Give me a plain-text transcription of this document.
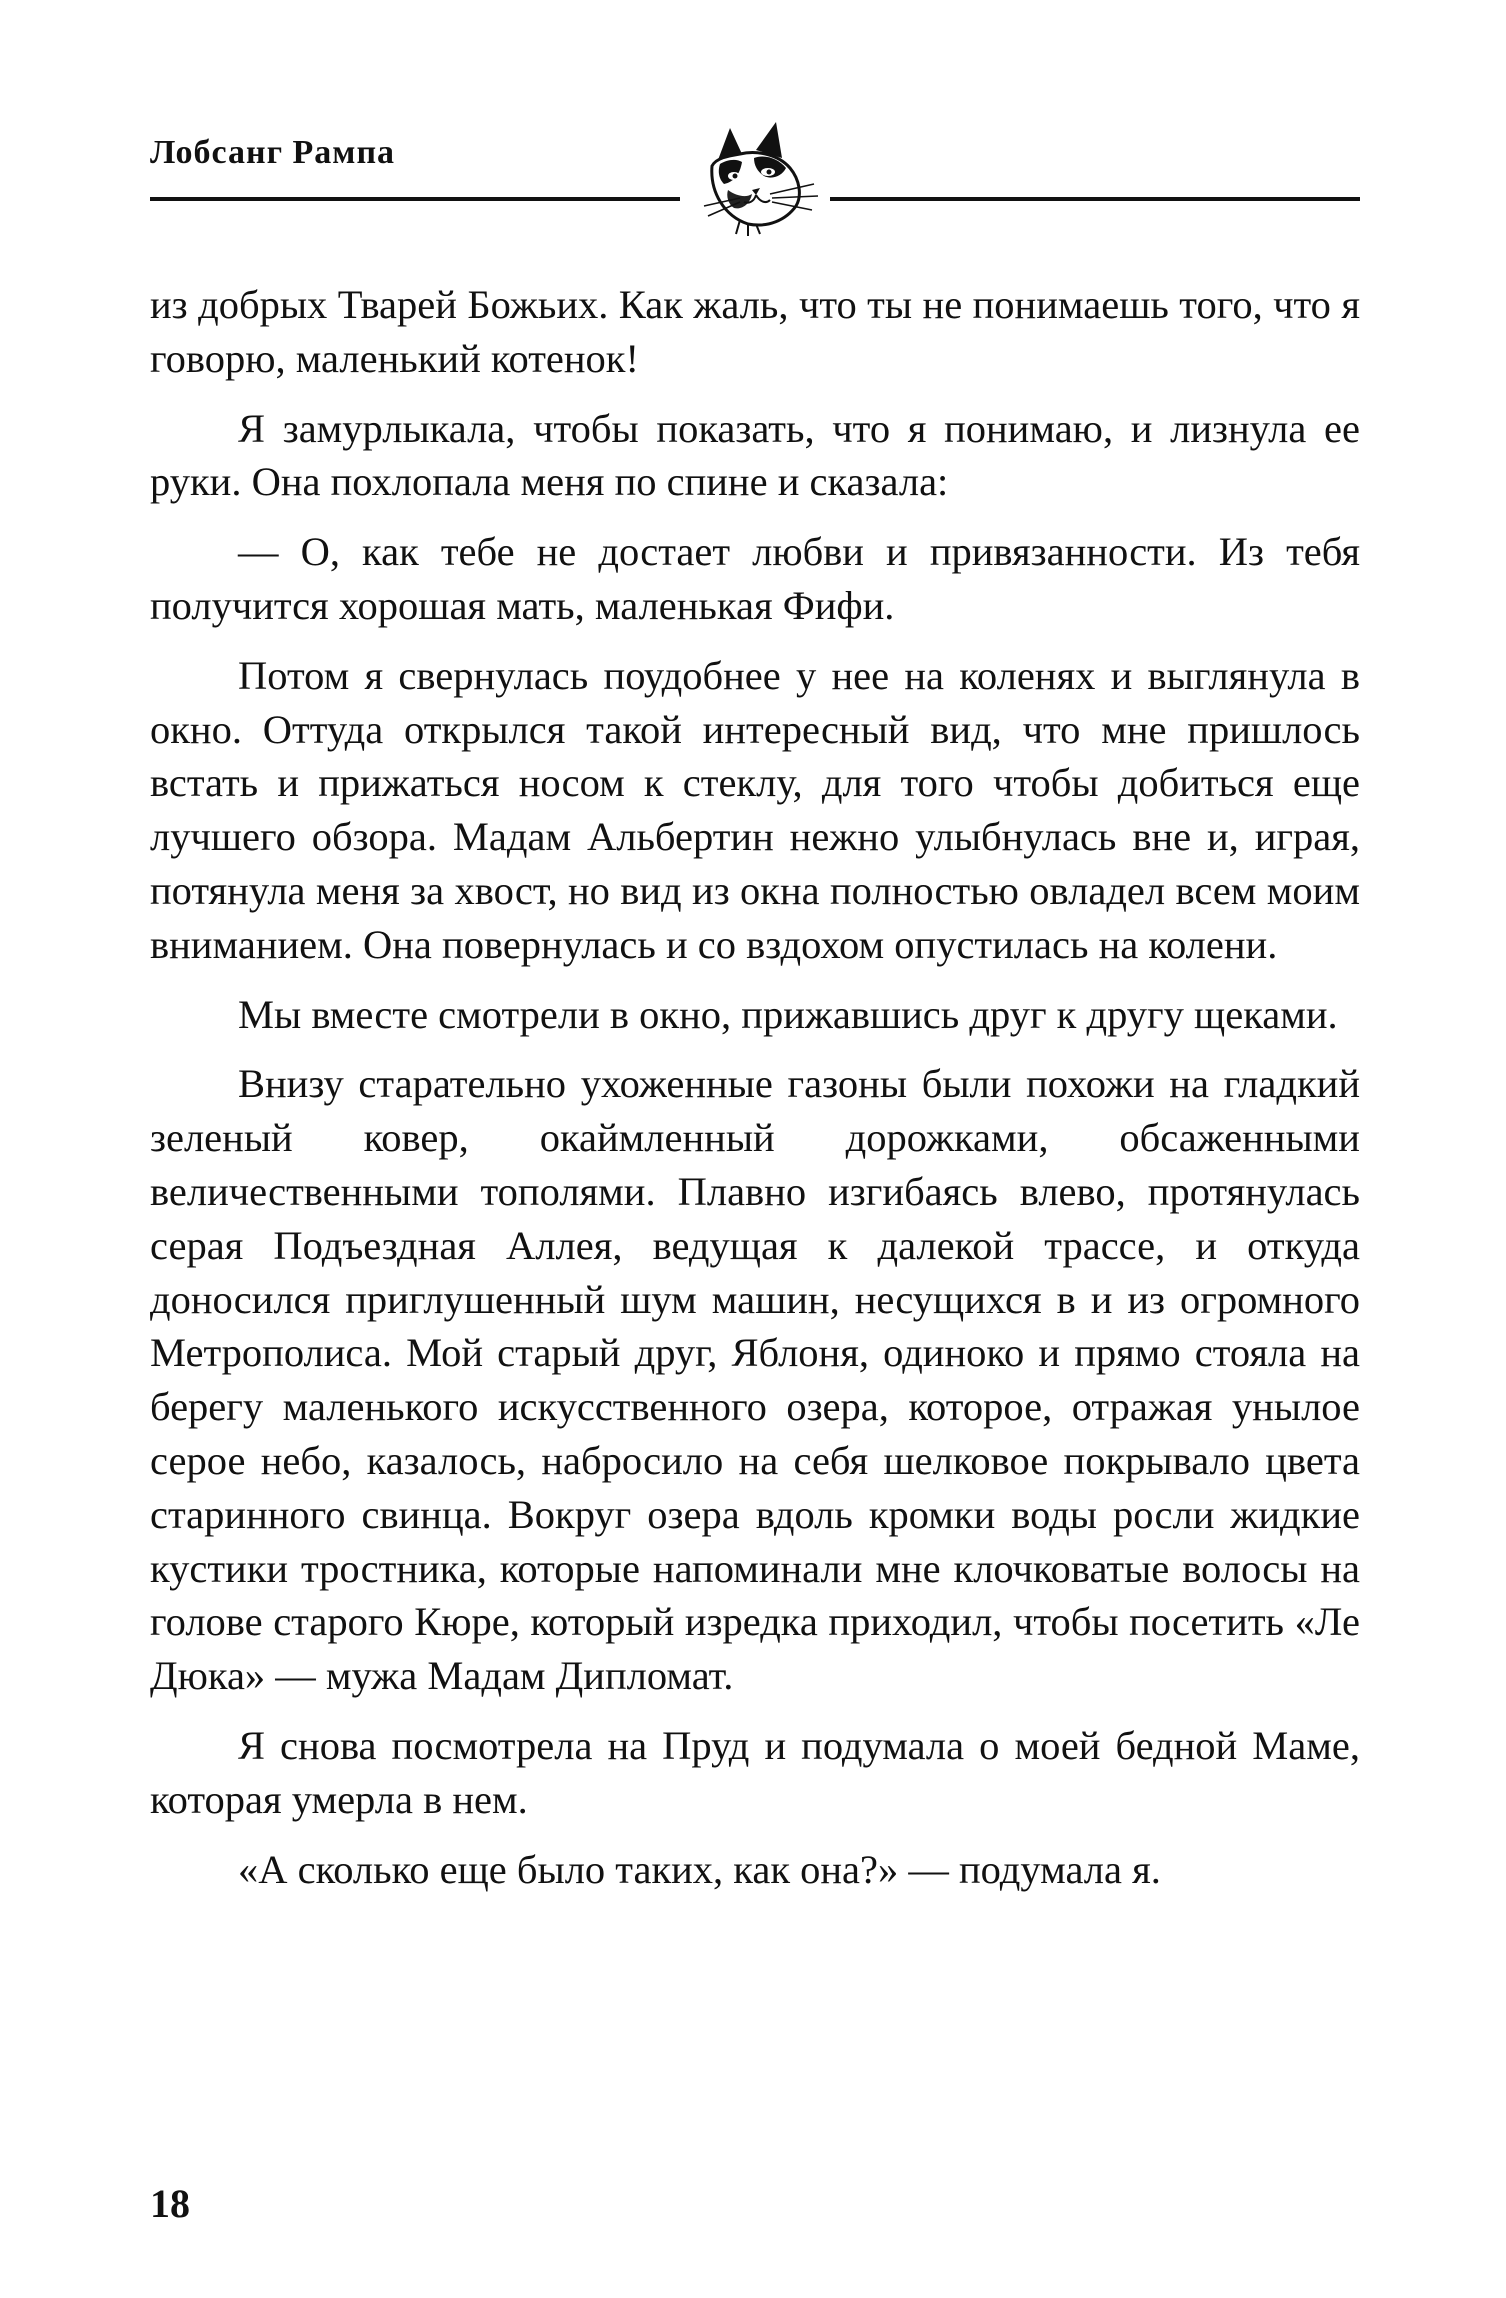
Лобсанг Рампа

из добрых Тварей Божьих. Как жаль, что ты не понимаешь того, что я говорю, маленький котенок!

Я замурлыкала, чтобы показать, что я понимаю, и лизнула ее руки. Она похлопала меня по спине и сказала:

— О, как тебе не достает любви и привязанности. Из тебя получится хорошая мать, маленькая Фифи.

Потом я свернулась поудобнее у нее на коленях и выглянула в окно. Оттуда открылся такой интересный вид, что мне пришлось встать и прижаться носом к стеклу, для того чтобы добиться еще лучшего обзора. Мадам Альбертин нежно улыбнулась вне и, играя, потянула меня за хвост, но вид из окна полностью овладел всем моим вниманием. Она повернулась и со вздохом опустилась на колени.

Мы вместе смотрели в окно, прижавшись друг к другу щеками.

Внизу старательно ухоженные газоны были похожи на гладкий зеленый ковер, окаймленный дорожками, обсаженными величественными тополями. Плавно изгибаясь влево, протянулась серая Подъездная Аллея, ведущая к далекой трассе, и откуда доносился приглушенный шум машин, несущихся в и из огромного Метрополиса. Мой старый друг, Яблоня, одиноко и прямо стояла на берегу маленького искусственного озера, которое, отражая унылое серое небо, казалось, набросило на себя шелковое покрывало цвета старинного свинца. Вокруг озера вдоль кромки воды росли жидкие кустики тростника, которые напоминали мне клочковатые волосы на голове старого Кюре, который изредка приходил, чтобы посетить «Ле Дюка» — мужа Мадам Дипломат.

Я снова посмотрела на Пруд и подумала о моей бедной Маме, которая умерла в нем.

«А сколько еще было таких, как она?» — подумала я.

18
